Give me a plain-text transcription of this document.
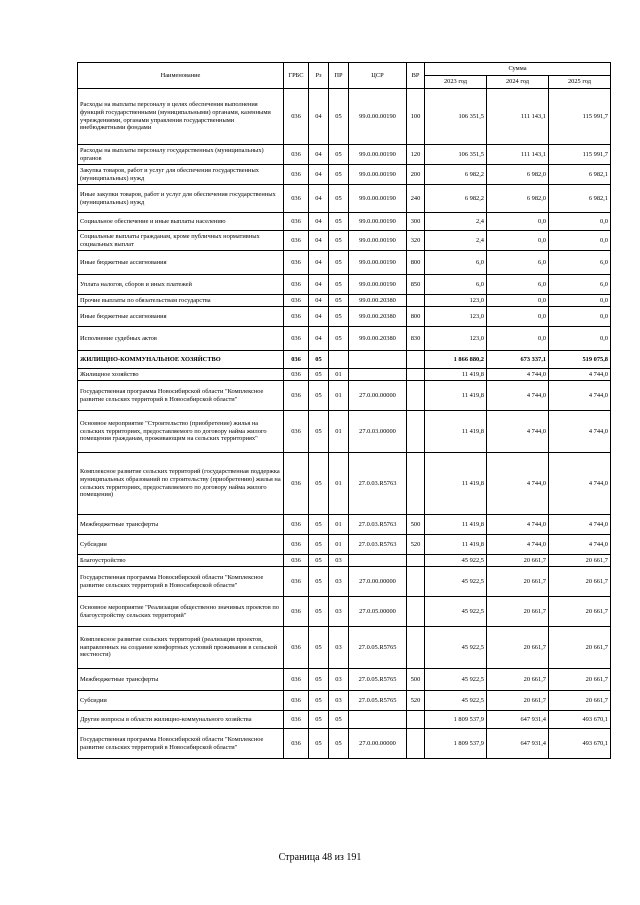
Наименование	ГРБС	Рз	ПР	ЦСР	ВР	Сумма		
						2023 год	2024 год	2025 год
Расходы на выплаты персоналу в целях обеспечения выполнения функций государственными (муниципальными) органами, казенными учреждениями, органами управления государственными внебюджетными фондами	036	04	05	99.0.00.00190	100	106 351,5	111 143,1	115 991,7
Расходы на выплаты персоналу государственных (муниципальных) органов	036	04	05	99.0.00.00190	120	106 351,5	111 143,1	115 991,7
Закупка товаров, работ и услуг для обеспечения государственных (муниципальных) нужд	036	04	05	99.0.00.00190	200	6 982,2	6 982,0	6 982,1
Иные закупки товаров, работ и услуг для обеспечения государственных (муниципальных) нужд	036	04	05	99.0.00.00190	240	6 982,2	6 982,0	6 982,1
Социальное обеспечение и иные выплаты населению	036	04	05	99.0.00.00190	300	2,4	0,0	0,0
Социальные выплаты гражданам, кроме публичных нормативных социальных выплат	036	04	05	99.0.00.00190	320	2,4	0,0	0,0
Иные бюджетные ассигнования	036	04	05	99.0.00.00190	800	6,0	6,0	6,0
Уплата налогов, сборов и иных платежей	036	04	05	99.0.00.00190	850	6,0	6,0	6,0
Прочие выплаты по обязательствам государства	036	04	05	99.0.00.20380		123,0	0,0	0,0
Иные бюджетные ассигнования	036	04	05	99.0.00.20380	800	123,0	0,0	0,0
Исполнение судебных актов	036	04	05	99.0.00.20380	830	123,0	0,0	0,0
ЖИЛИЩНО-КОММУНАЛЬНОЕ ХОЗЯЙСТВО	036	05				1 866 880,2	673 337,1	519 075,8
Жилищное хозяйство	036	05	01			11 419,8	4 744,0	4 744,0
Государственная программа Новосибирской области "Комплексное развитие сельских территорий в Новосибирской области"	036	05	01	27.0.00.00000		11 419,8	4 744,0	4 744,0
Основное мероприятие "Строительство (приобретение) жилья на сельских территориях, предоставляемого по договору найма жилого помещения гражданам, проживающим на сельских территориях"	036	05	01	27.0.03.00000		11 419,8	4 744,0	4 744,0
Комплексное развитие сельских территорий (государственная поддержка муниципальных образований по строительству (приобретению) жилья на сельских территориях, предоставляемого по договору найма жилого помещения)	036	05	01	27.0.03.R5763		11 419,8	4 744,0	4 744,0
Межбюджетные трансферты	036	05	01	27.0.03.R5763	500	11 419,8	4 744,0	4 744,0
Субсидии	036	05	01	27.0.03.R5763	520	11 419,8	4 744,0	4 744,0
Благоустройство	036	05	03			45 922,5	20 661,7	20 661,7
Государственная программа Новосибирской области "Комплексное развитие сельских территорий в Новосибирской области"	036	05	03	27.0.00.00000		45 922,5	20 661,7	20 661,7
Основное мероприятие "Реализация общественно значимых проектов по благоустройству сельских территорий"	036	05	03	27.0.05.00000		45 922,5	20 661,7	20 661,7
Комплексное развитие сельских территорий (реализация проектов, направленных на создание комфортных условий проживания в сельской местности)	036	05	03	27.0.05.R5765		45 922,5	20 661,7	20 661,7
Межбюджетные трансферты	036	05	03	27.0.05.R5765	500	45 922,5	20 661,7	20 661,7
Субсидии	036	05	03	27.0.05.R5765	520	45 922,5	20 661,7	20 661,7
Другие вопросы в области жилищно-коммунального хозяйства	036	05	05			1 809 537,9	647 931,4	493 670,1
Государственная программа Новосибирской области "Комплексное развитие сельских территорий в Новосибирской области"	036	05	05	27.0.00.00000		1 809 537,9	647 931,4	493 670,1
Страница 48 из 191
